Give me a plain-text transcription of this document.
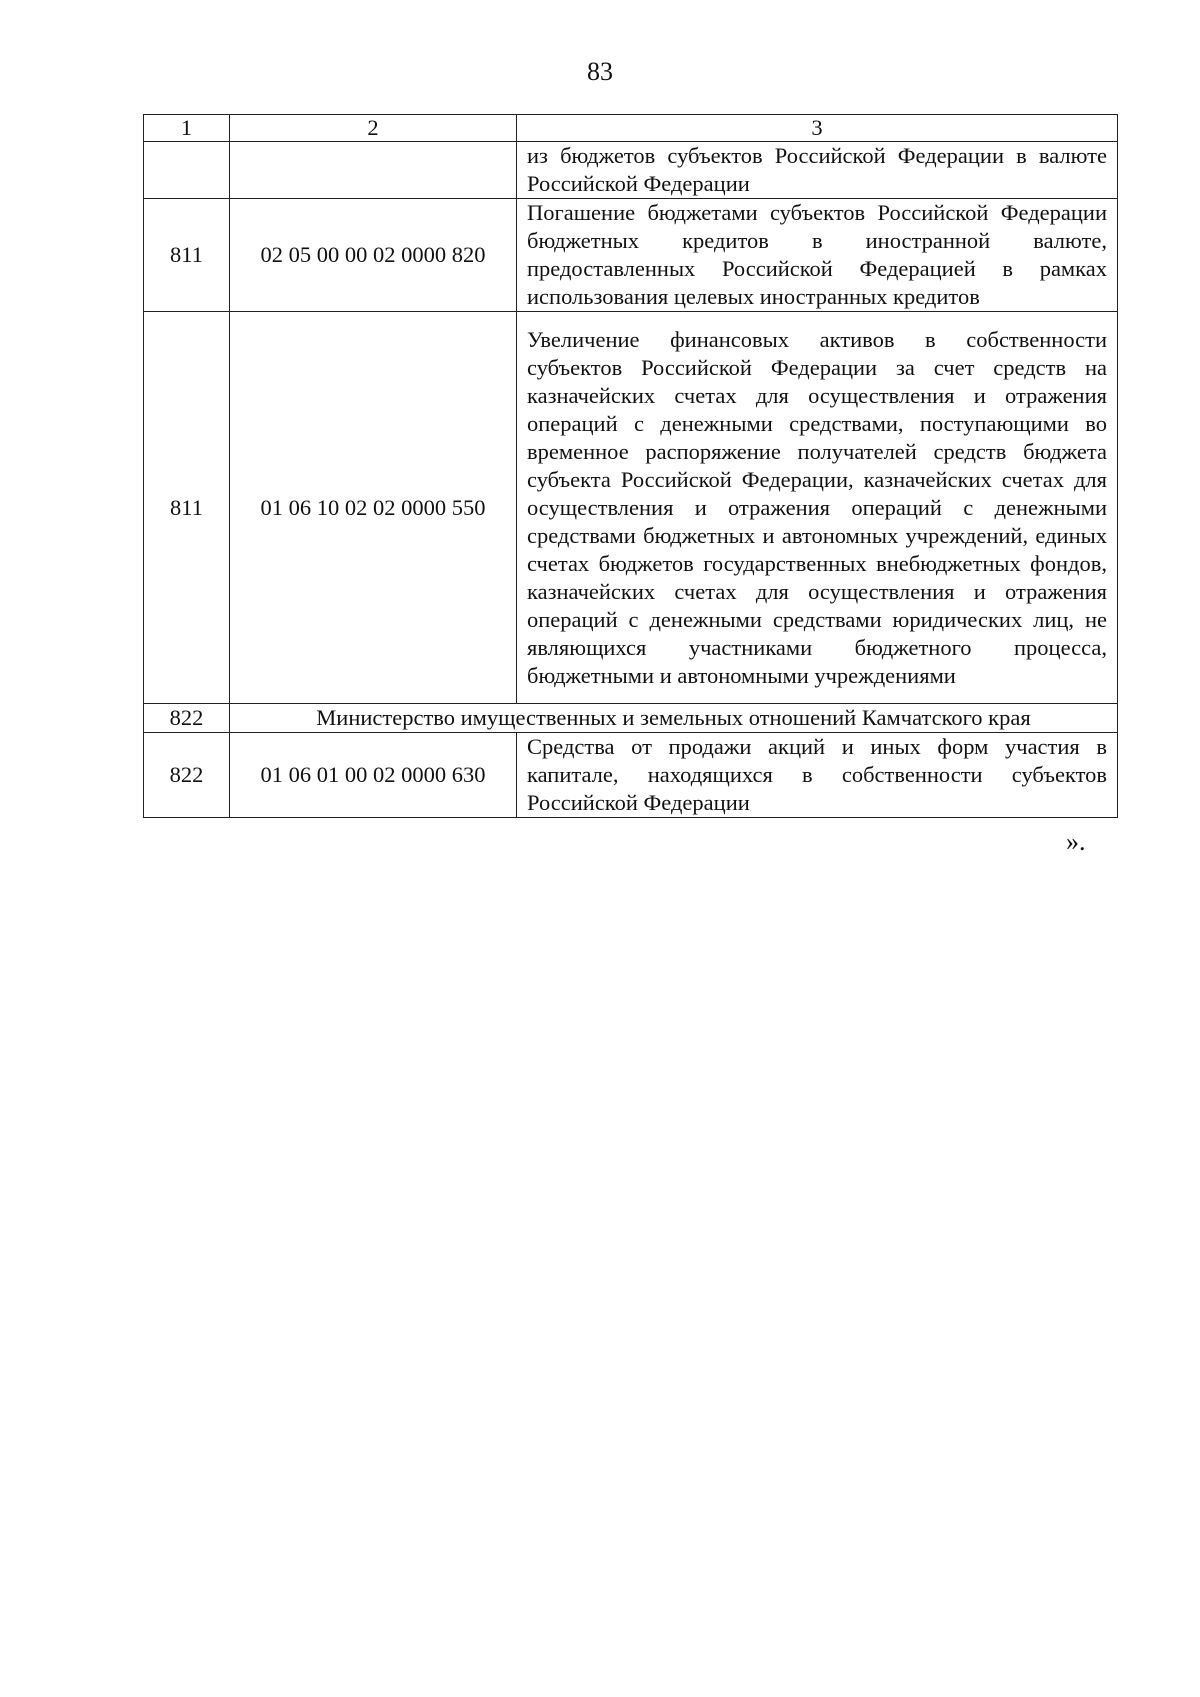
83
1	2	3
		из бюджетов субъектов Российской Федерации в валюте Российской Федерации
811	02 05 00 00 02 0000 820	Погашение бюджетами субъектов Российской Федерации бюджетных кредитов в иностранной валюте, предоставленных Российской Федерацией в рамках использования целевых иностранных кредитов
811	01 06 10 02 02 0000 550	Увеличение финансовых активов в собственности субъектов Российской Федерации за счет средств на казначейских счетах для осуществления и отражения операций с денежными средствами, поступающими во временное распоряжение получателей средств бюджета субъекта Российской Федерации, казначейских счетах для осуществления и отражения операций с денежными средствами бюджетных и автономных учреждений, единых счетах бюджетов государственных внебюджетных фондов, казначейских счетах для осуществления и отражения операций с денежными средствами юридических лиц, не являющихся участниками бюджетного процесса, бюджетными и автономными учреждениями
822	Министерство имущественных и земельных отношений Камчатского края	
822	01 06 01 00 02 0000 630	Средства от продажи акций и иных форм участия в капитале, находящихся в собственности субъектов Российской Федерации
».
